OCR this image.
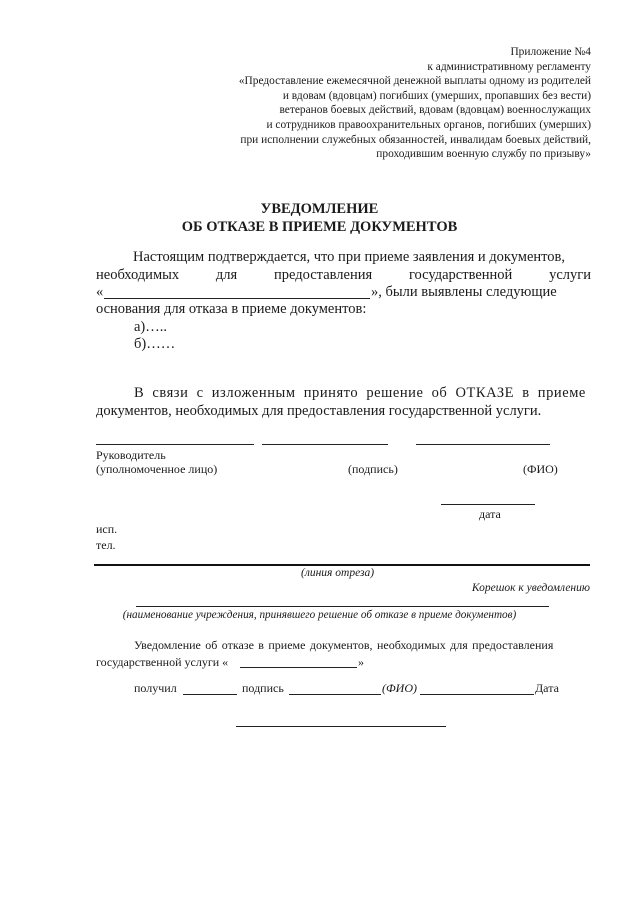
Приложение №4
к административному регламенту
«Предоставление ежемесячной денежной выплаты одному из родителей
и вдовам (вдовцам) погибших (умерших, пропавших без вести)
ветеранов боевых действий, вдовам (вдовцам) военнослужащих
и сотрудников правоохранительных органов, погибших (умерших)
при исполнении служебных обязанностей, инвалидам боевых действий,
проходившим военную службу по призыву»
УВЕДОМЛЕНИЕ
ОБ ОТКАЗЕ В ПРИЕМЕ ДОКУМЕНТОВ
Настоящим подтверждается, что при приеме заявления и документов,
необходимых	для	предоставления	государственной	услуги
«	», были выявлены следующие
основания для отказа в приеме документов:
а)…..
б)……
В связи с изложенным принято решение об ОТКАЗЕ в приеме
документов, необходимых для предоставления государственной услуги.
Руководитель
(уполномоченное лицо)	(подпись)	(ФИО)
дата
исп.
тел.
(линия отреза)
Корешок к уведомлению
(наименование учреждения, принявшего решение об отказе в приеме документов)
Уведомление об отказе в приеме документов, необходимых для предоставления
государственной услуги «	»
получил	подпись	(ФИО)	Дата
